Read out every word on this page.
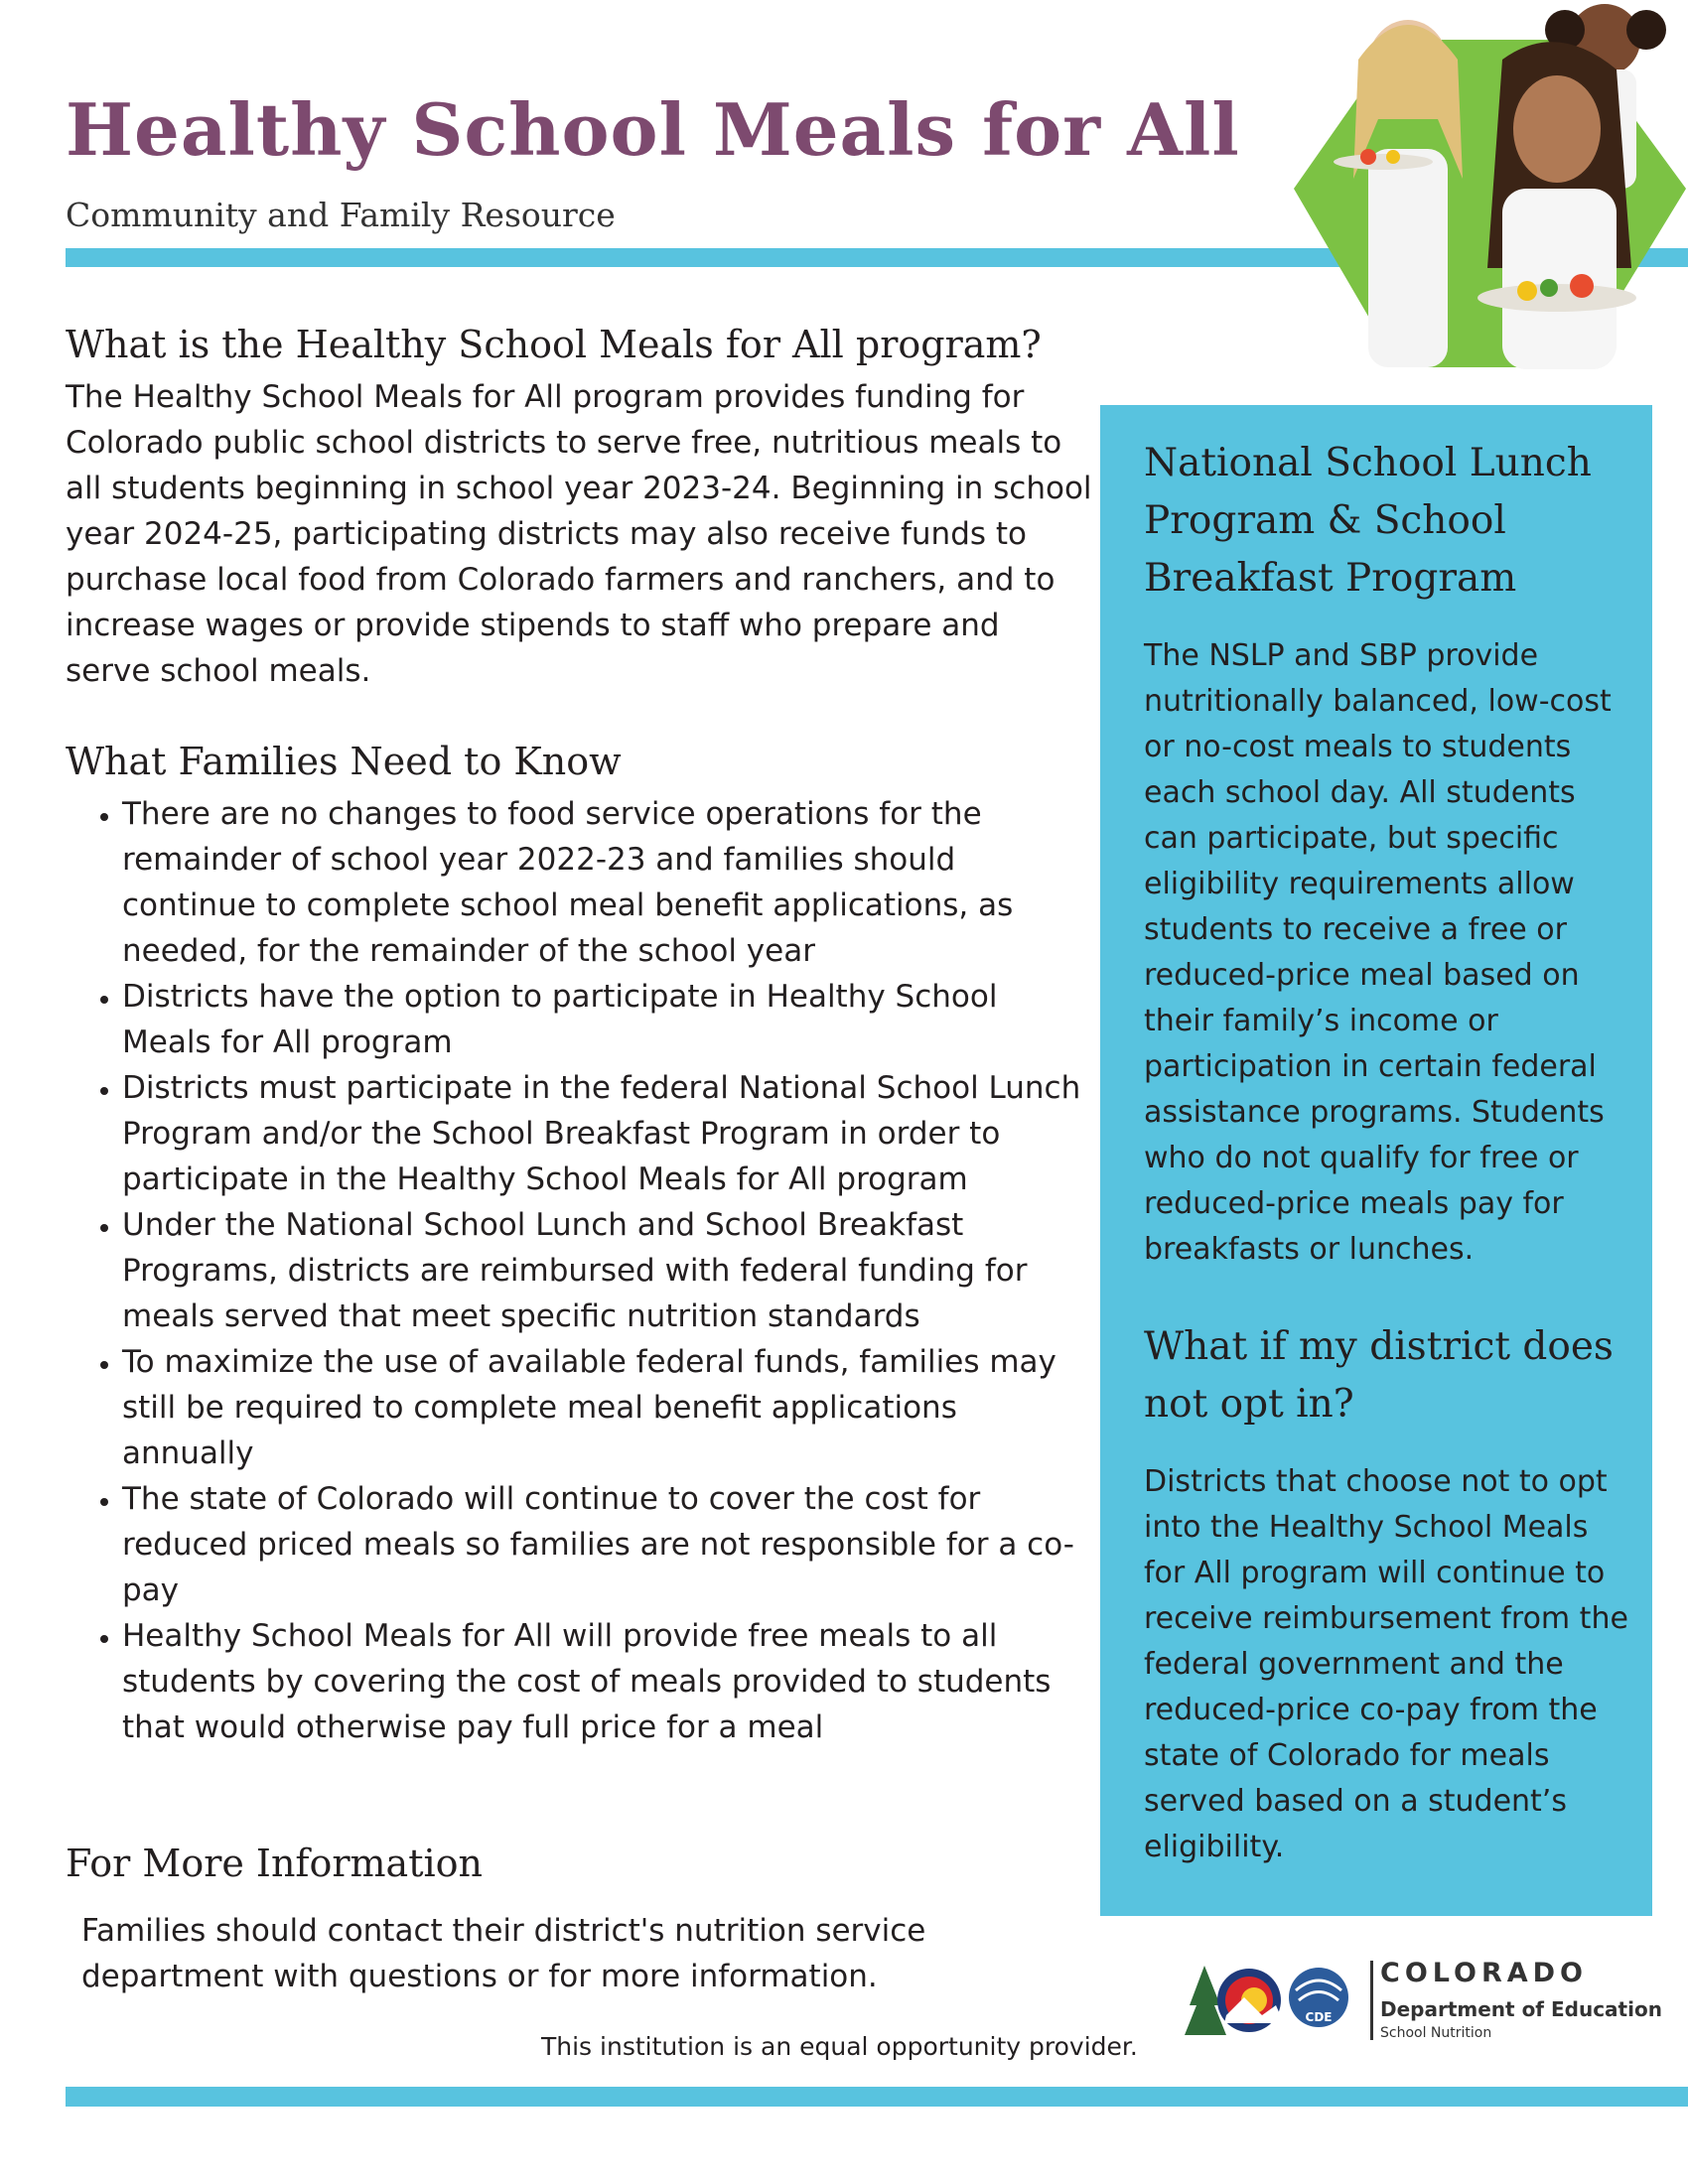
Healthy School Meals for All
Community and Family Resource
What is the Healthy School Meals for All program?

The Healthy School Meals for All program provides funding for Colorado public school districts to serve free, nutritious meals to all students beginning in school year 2023-24. Beginning in school year 2024-25, participating districts may also receive funds to purchase local food from Colorado farmers and ranchers, and to increase wages or provide stipends to staff who prepare and serve school meals.

What Families Need to Know
• There are no changes to food service operations for the remainder of school year 2022-23 and families should continue to complete school meal benefit applications, as needed, for the remainder of the school year
• Districts have the option to participate in Healthy School Meals for All program
• Districts must participate in the federal National School Lunch Program and/or the School Breakfast Program in order to participate in the Healthy School Meals for All program
• Under the National School Lunch and School Breakfast Programs, districts are reimbursed with federal funding for meals served that meet specific nutrition standards
• To maximize the use of available federal funds, families may still be required to complete meal benefit applications annually
• The state of Colorado will continue to cover the cost for reduced priced meals so families are not responsible for a co-pay
• Healthy School Meals for All will provide free meals to all students by covering the cost of meals provided to students that would otherwise pay full price for a meal
For More Information

Families should contact their district's nutrition service department with questions or for more information.

National School Lunch Program & School Breakfast Program

The NSLP and SBP provide nutritionally balanced, low-cost or no-cost meals to students each school day. All students can participate, but specific eligibility requirements allow students to receive a free or reduced-price meal based on their family’s income or participation in certain federal assistance programs. Students who do not qualify for free or reduced-price meals pay for breakfasts or lunches.

What if my district does not opt in?

Districts that choose not to opt into the Healthy School Meals for All program will continue to receive reimbursement from the federal government and the reduced-price co-pay from the state of Colorado for meals served based on a student’s eligibility.

This institution is an equal opportunity provider.
CDE
COLORADO
Department of Education
School Nutrition
